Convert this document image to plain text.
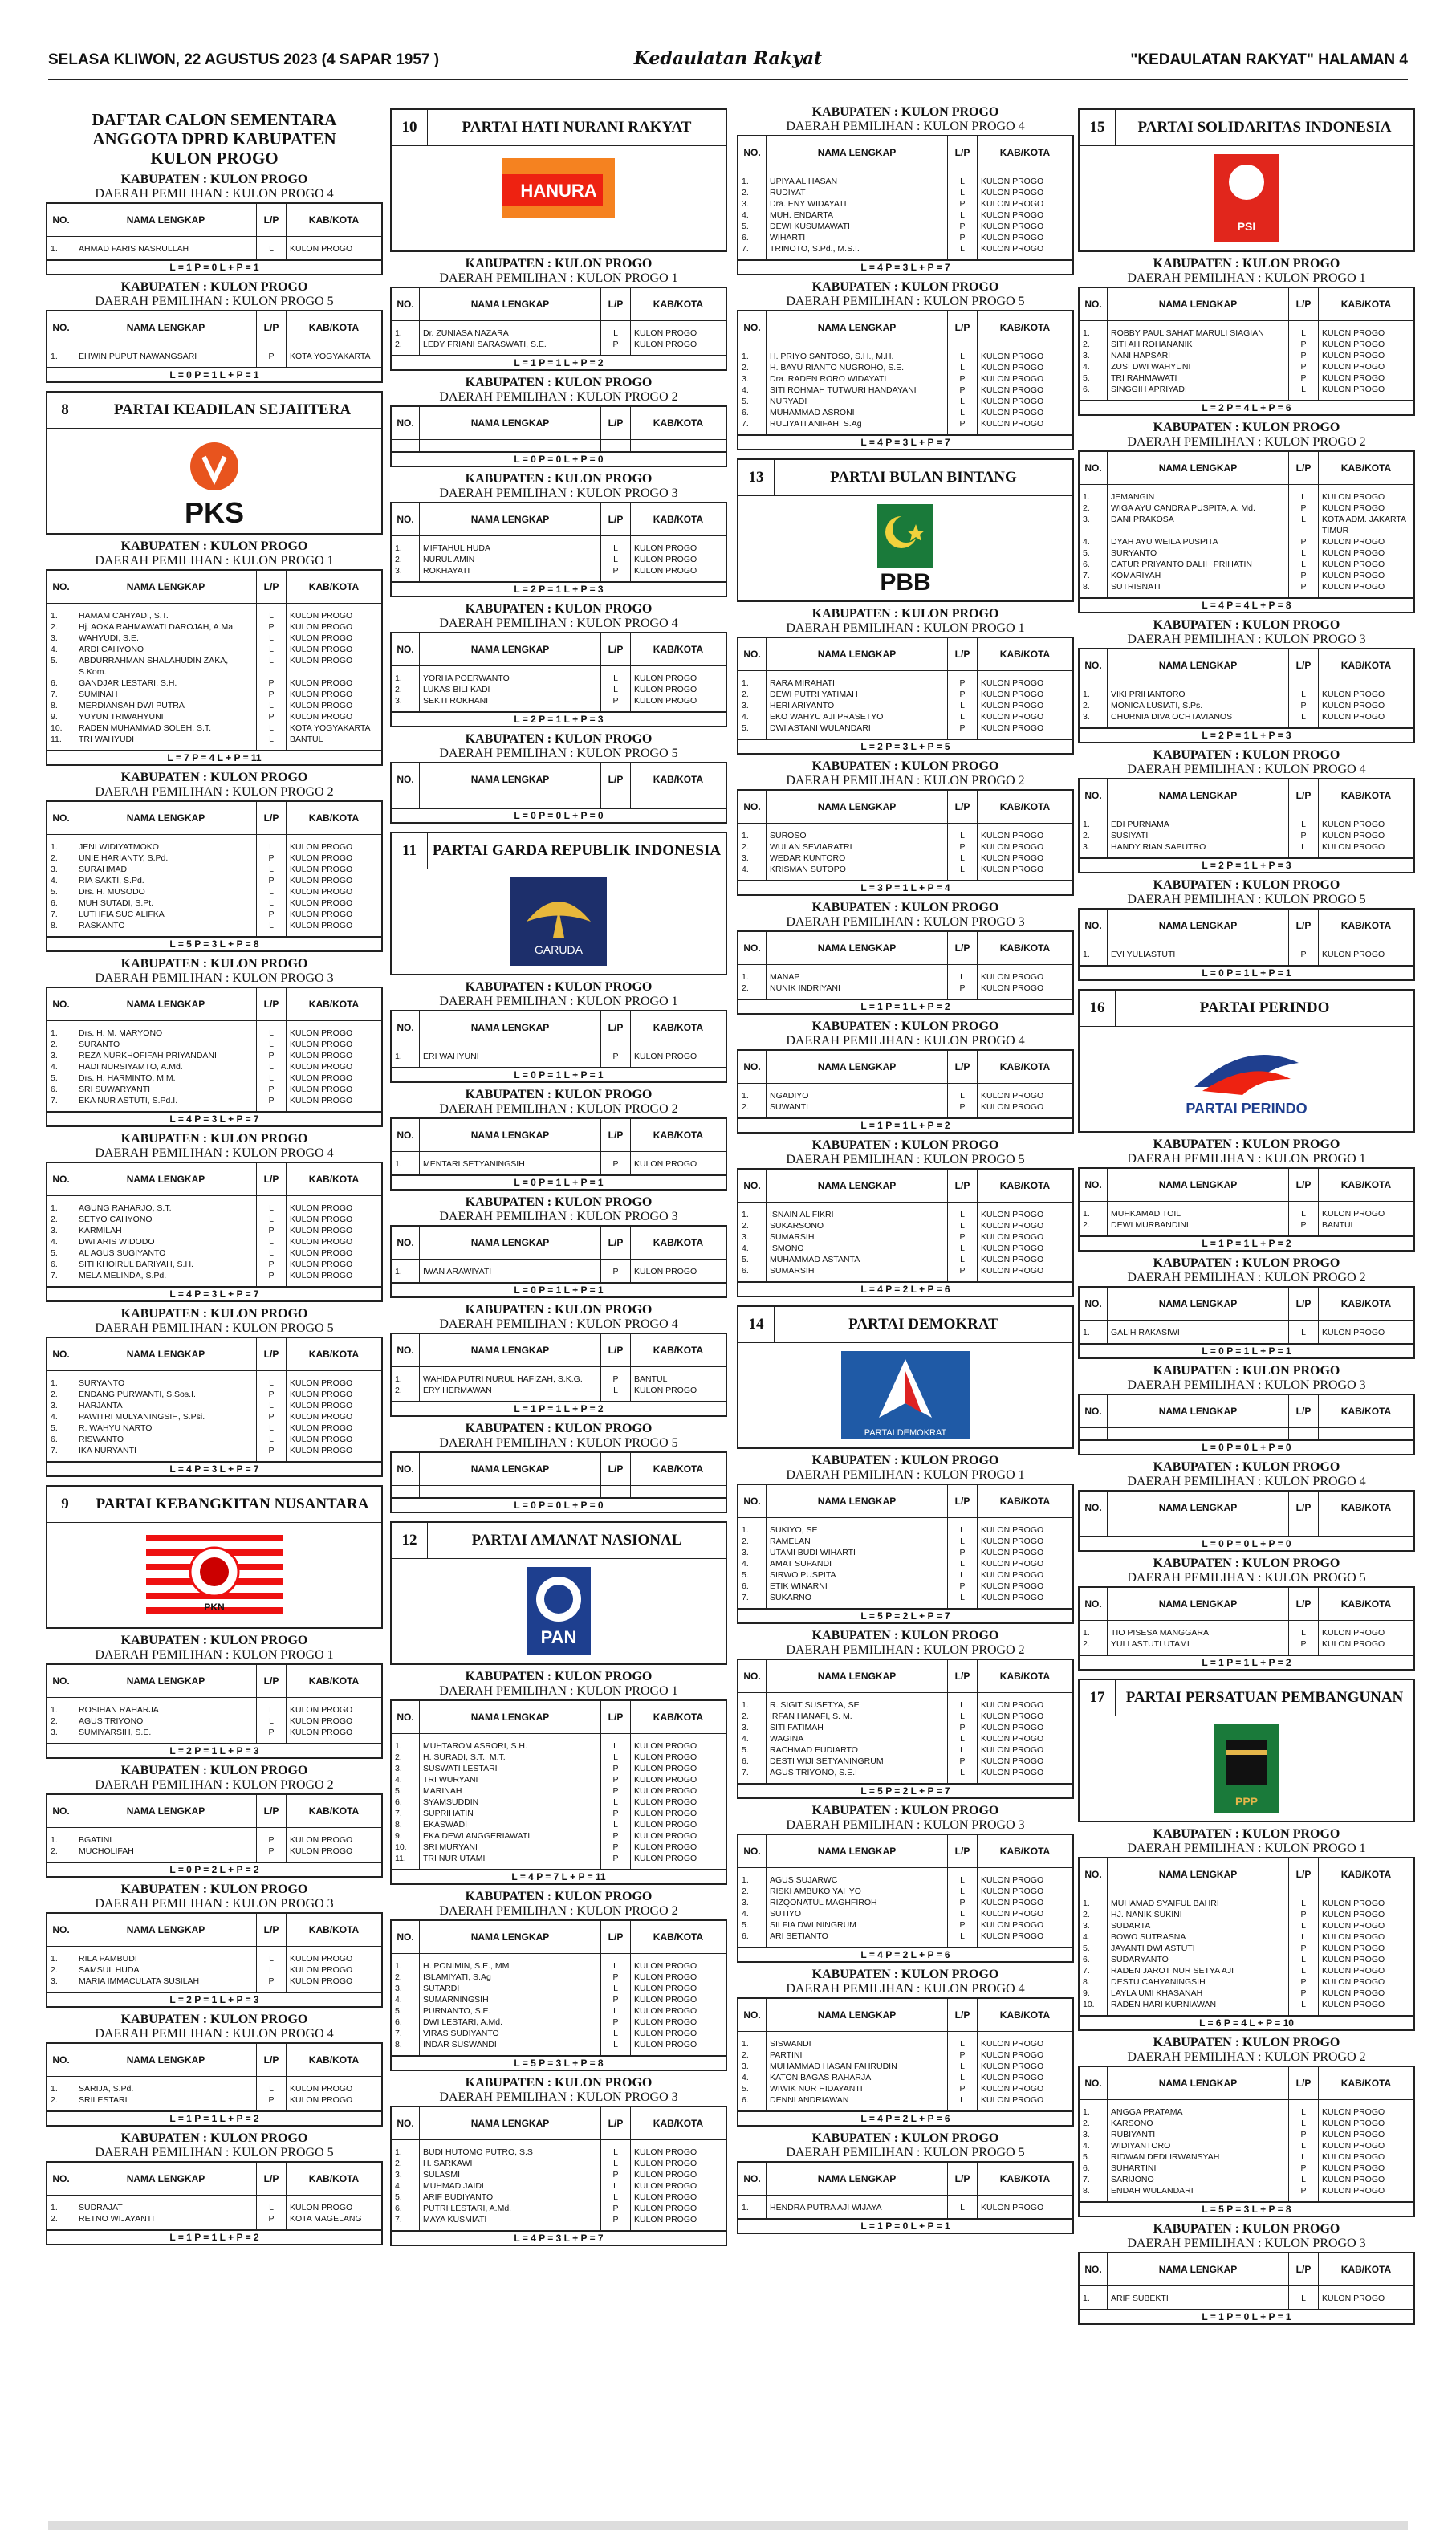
SELASA KLIWON, 22 AGUSTUS 2023 (4 SAPAR 1957 )	Kedaulatan Rakyat	"KEDAULATAN RAKYAT" HALAMAN 4
DAFTAR CALON SEMENTARA
ANGGOTA DPRD KABUPATEN
KULON PROGO
KABUPATEN : KULON PROGO
DAERAH PEMILIHAN : KULON PROGO 4
NO.	NAMA LENGKAP	L/P	KAB/KOTA
1.	AHMAD FARIS NASRULLAH	L	KULON PROGO
L = 1 P = 0 L + P = 1
KABUPATEN : KULON PROGO
DAERAH PEMILIHAN : KULON PROGO 5
NO.	NAMA LENGKAP	L/P	KAB/KOTA
1.	EHWIN PUPUT NAWANGSARI	P	KOTA YOGYAKARTA
L = 0 P = 1 L + P = 1
8	PARTAI KEADILAN SEJAHTERA
PKS
KABUPATEN : KULON PROGO
DAERAH PEMILIHAN : KULON PROGO 1
NO.	NAMA LENGKAP	L/P	KAB/KOTA
1.	HAMAM CAHYADI, S.T.	L	KULON PROGO
2.	Hj. AOKA RAHMAWATI DAROJAH, A.Ma.	P	KULON PROGO
3.	WAHYUDI, S.E.	L	KULON PROGO
4.	ARDI CAHYONO	L	KULON PROGO
5.	ABDURRAHMAN SHALAHUDIN ZAKA, S.Kom.	L	KULON PROGO
6.	GANDJAR LESTARI, S.H.	P	KULON PROGO
7.	SUMINAH	P	KULON PROGO
8.	MERDIANSAH DWI PUTRA	L	KULON PROGO
9.	YUYUN TRIWAHYUNI	P	KULON PROGO
10.	RADEN MUHAMMAD SOLEH, S.T.	L	KOTA YOGYAKARTA
11.	TRI WAHYUDI	L	BANTUL
L = 7 P = 4 L + P = 11
KABUPATEN : KULON PROGO
DAERAH PEMILIHAN : KULON PROGO 2
NO.	NAMA LENGKAP	L/P	KAB/KOTA
1.	JENI WIDIYATMOKO	L	KULON PROGO
2.	UNIE HARIANTY, S.Pd.	P	KULON PROGO
3.	SURAHMAD	L	KULON PROGO
4.	RIA SAKTI, S.Pd.	P	KULON PROGO
5.	Drs. H. MUSODO	L	KULON PROGO
6.	MUH SUTADI, S.Pt.	L	KULON PROGO
7.	LUTHFIA SUC ALIFKA	P	KULON PROGO
8.	RASKANTO	L	KULON PROGO
L = 5 P = 3 L + P = 8
KABUPATEN : KULON PROGO
DAERAH PEMILIHAN : KULON PROGO 3
NO.	NAMA LENGKAP	L/P	KAB/KOTA
1.	Drs. H. M. MARYONO	L	KULON PROGO
2.	SURANTO	L	KULON PROGO
3.	REZA NURKHOFIFAH PRIYANDANI	P	KULON PROGO
4.	HADI NURSIYAMTO, A.Md.	L	KULON PROGO
5.	Drs. H. HARMINTO, M.M.	L	KULON PROGO
6.	SRI SUWARYANTI	P	KULON PROGO
7.	EKA NUR ASTUTI, S.Pd.I.	P	KULON PROGO
L = 4 P = 3 L + P = 7
KABUPATEN : KULON PROGO
DAERAH PEMILIHAN : KULON PROGO 4
NO.	NAMA LENGKAP	L/P	KAB/KOTA
1.	AGUNG RAHARJO, S.T.	L	KULON PROGO
2.	SETYO CAHYONO	L	KULON PROGO
3.	KARMILAH	P	KULON PROGO
4.	DWI ARIS WIDODO	L	KULON PROGO
5.	AL AGUS SUGIYANTO	L	KULON PROGO
6.	SITI KHOIRUL BARIYAH, S.H.	P	KULON PROGO
7.	MELA MELINDA, S.Pd.	P	KULON PROGO
L = 4 P = 3 L + P = 7
KABUPATEN : KULON PROGO
DAERAH PEMILIHAN : KULON PROGO 5
NO.	NAMA LENGKAP	L/P	KAB/KOTA
1.	SURYANTO	L	KULON PROGO
2.	ENDANG PURWANTI, S.Sos.I.	P	KULON PROGO
3.	HARJANTA	L	KULON PROGO
4.	PAWITRI MULYANINGSIH, S.Psi.	P	KULON PROGO
5.	R. WAHYU NARTO	L	KULON PROGO
6.	RISWANTO	L	KULON PROGO
7.	IKA NURYANTI	P	KULON PROGO
L = 4 P = 3 L + P = 7
9	PARTAI KEBANGKITAN NUSANTARA
PKN
KABUPATEN : KULON PROGO
DAERAH PEMILIHAN : KULON PROGO 1
NO.	NAMA LENGKAP	L/P	KAB/KOTA
1.	ROSIHAN RAHARJA	L	KULON PROGO
2.	AGUS TRIYONO	L	KULON PROGO
3.	SUMIYARSIH, S.E.	P	KULON PROGO
L = 2 P = 1 L + P = 3
KABUPATEN : KULON PROGO
DAERAH PEMILIHAN : KULON PROGO 2
NO.	NAMA LENGKAP	L/P	KAB/KOTA
1.	BGATINI	P	KULON PROGO
2.	MUCHOLIFAH	P	KULON PROGO
L = 0 P = 2 L + P = 2
KABUPATEN : KULON PROGO
DAERAH PEMILIHAN : KULON PROGO 3
NO.	NAMA LENGKAP	L/P	KAB/KOTA
1.	RILA PAMBUDI	L	KULON PROGO
2.	SAMSUL HUDA	L	KULON PROGO
3.	MARIA IMMACULATA SUSILAH	P	KULON PROGO
L = 2 P = 1 L + P = 3
KABUPATEN : KULON PROGO
DAERAH PEMILIHAN : KULON PROGO 4
NO.	NAMA LENGKAP	L/P	KAB/KOTA
1.	SARIJA, S.Pd.	L	KULON PROGO
2.	SRILESTARI	P	KULON PROGO
L = 1 P = 1 L + P = 2
KABUPATEN : KULON PROGO
DAERAH PEMILIHAN : KULON PROGO 5
NO.	NAMA LENGKAP	L/P	KAB/KOTA
1.	SUDRAJAT	L	KULON PROGO
2.	RETNO WIJAYANTI	P	KOTA MAGELANG
L = 1 P = 1 L + P = 2
10	PARTAI HATI NURANI RAKYAT
HANURA
KABUPATEN : KULON PROGO
DAERAH PEMILIHAN : KULON PROGO 1
NO.	NAMA LENGKAP	L/P	KAB/KOTA
1.	Dr. ZUNIASA NAZARA	L	KULON PROGO
2.	LEDY FRIANI SARASWATI, S.E.	P	KULON PROGO
L = 1 P = 1 L + P = 2
KABUPATEN : KULON PROGO
DAERAH PEMILIHAN : KULON PROGO 2
NO.	NAMA LENGKAP	L/P	KAB/KOTA

L = 0 P = 0 L + P = 0
KABUPATEN : KULON PROGO
DAERAH PEMILIHAN : KULON PROGO 3
NO.	NAMA LENGKAP	L/P	KAB/KOTA
1.	MIFTAHUL HUDA	L	KULON PROGO
2.	NURUL AMIN	L	KULON PROGO
3.	ROKHAYATI	P	KULON PROGO
L = 2 P = 1 L + P = 3
KABUPATEN : KULON PROGO
DAERAH PEMILIHAN : KULON PROGO 4
NO.	NAMA LENGKAP	L/P	KAB/KOTA
1.	YORHA POERWANTO	L	KULON PROGO
2.	LUKAS BILI KADI	L	KULON PROGO
3.	SEKTI ROKHANI	P	KULON PROGO
L = 2 P = 1 L + P = 3
KABUPATEN : KULON PROGO
DAERAH PEMILIHAN : KULON PROGO 5
NO.	NAMA LENGKAP	L/P	KAB/KOTA

L = 0 P = 0 L + P = 0
11	PARTAI GARDA REPUBLIK INDONESIA
GARUDA
KABUPATEN : KULON PROGO
DAERAH PEMILIHAN : KULON PROGO 1
NO.	NAMA LENGKAP	L/P	KAB/KOTA
1.	ERI WAHYUNI	P	KULON PROGO
L = 0 P = 1 L + P = 1
KABUPATEN : KULON PROGO
DAERAH PEMILIHAN : KULON PROGO 2
NO.	NAMA LENGKAP	L/P	KAB/KOTA
1.	MENTARI SETYANINGSIH	P	KULON PROGO
L = 0 P = 1 L + P = 1
KABUPATEN : KULON PROGO
DAERAH PEMILIHAN : KULON PROGO 3
NO.	NAMA LENGKAP	L/P	KAB/KOTA
1.	IWAN ARAWIYATI	P	KULON PROGO
L = 0 P = 1 L + P = 1
KABUPATEN : KULON PROGO
DAERAH PEMILIHAN : KULON PROGO 4
NO.	NAMA LENGKAP	L/P	KAB/KOTA
1.	WAHIDA PUTRI NURUL HAFIZAH, S.K.G.	P	BANTUL
2.	ERY HERMAWAN	L	KULON PROGO
L = 1 P = 1 L + P = 2
KABUPATEN : KULON PROGO
DAERAH PEMILIHAN : KULON PROGO 5
NO.	NAMA LENGKAP	L/P	KAB/KOTA

L = 0 P = 0 L + P = 0
12	PARTAI AMANAT NASIONAL
PAN
KABUPATEN : KULON PROGO
DAERAH PEMILIHAN : KULON PROGO 1
NO.	NAMA LENGKAP	L/P	KAB/KOTA
1.	MUHTAROM ASRORI, S.H.	L	KULON PROGO
2.	H. SURADI, S.T., M.T.	L	KULON PROGO
3.	SUSWATI LESTARI	P	KULON PROGO
4.	TRI WURYANI	P	KULON PROGO
5.	MARINAH	P	KULON PROGO
6.	SYAMSUDDIN	L	KULON PROGO
7.	SUPRIHATIN	P	KULON PROGO
8.	EKASWADI	L	KULON PROGO
9.	EKA DEWI ANGGERIAWATI	P	KULON PROGO
10.	SRI MURYANI	P	KULON PROGO
11.	TRI NUR UTAMI	P	KULON PROGO
L = 4 P = 7 L + P = 11
KABUPATEN : KULON PROGO
DAERAH PEMILIHAN : KULON PROGO 2
NO.	NAMA LENGKAP	L/P	KAB/KOTA
1.	H. PONIMIN, S.E., MM	L	KULON PROGO
2.	ISLAMIYATI, S.Ag	P	KULON PROGO
3.	SUTARDI	L	KULON PROGO
4.	SUMARNINGSIH	P	KULON PROGO
5.	PURNANTO, S.E.	L	KULON PROGO
6.	DWI LESTARI, A.Md.	P	KULON PROGO
7.	VIRAS SUDIYANTO	L	KULON PROGO
8.	INDAR SUSWANDI	L	KULON PROGO
L = 5 P = 3 L + P = 8
KABUPATEN : KULON PROGO
DAERAH PEMILIHAN : KULON PROGO 3
NO.	NAMA LENGKAP	L/P	KAB/KOTA
1.	BUDI HUTOMO PUTRO, S.S	L	KULON PROGO
2.	H. SARKAWI	L	KULON PROGO
3.	SULASMI	P	KULON PROGO
4.	MUHMAD JAIDI	L	KULON PROGO
5.	ARIF BUDIYANTO	L	KULON PROGO
6.	PUTRI LESTARI, A.Md.	P	KULON PROGO
7.	MAYA KUSMIATI	P	KULON PROGO
L = 4 P = 3 L + P = 7
KABUPATEN : KULON PROGO
DAERAH PEMILIHAN : KULON PROGO 4
NO.	NAMA LENGKAP	L/P	KAB/KOTA
1.	UPIYA AL HASAN	L	KULON PROGO
2.	RUDIYAT	L	KULON PROGO
3.	Dra. ENY WIDAYATI	P	KULON PROGO
4.	MUH. ENDARTA	L	KULON PROGO
5.	DEWI KUSUMAWATI	P	KULON PROGO
6.	WIHARTI	P	KULON PROGO
7.	TRINOTO, S.Pd., M.S.I.	L	KULON PROGO
L = 4 P = 3 L + P = 7
KABUPATEN : KULON PROGO
DAERAH PEMILIHAN : KULON PROGO 5
NO.	NAMA LENGKAP	L/P	KAB/KOTA
1.	H. PRIYO SANTOSO, S.H., M.H.	L	KULON PROGO
2.	H. BAYU RIANTO NUGROHO, S.E.	L	KULON PROGO
3.	Dra. RADEN RORO WIDAYATI	P	KULON PROGO
4.	SITI ROHMAH TUTWURI HANDAYANI	P	KULON PROGO
5.	NURYADI	L	KULON PROGO
6.	MUHAMMAD ASRONI	L	KULON PROGO
7.	RULIYATI ANIFAH, S.Ag	P	KULON PROGO
L = 4 P = 3 L + P = 7
13	PARTAI BULAN BINTANG
PBB
KABUPATEN : KULON PROGO
DAERAH PEMILIHAN : KULON PROGO 1
NO.	NAMA LENGKAP	L/P	KAB/KOTA
1.	RARA MIRAHATI	P	KULON PROGO
2.	DEWI PUTRI YATIMAH	P	KULON PROGO
3.	HERI ARIYANTO	L	KULON PROGO
4.	EKO WAHYU AJI PRASETYO	L	KULON PROGO
5.	DWI ASTANI WULANDARI	P	KULON PROGO
L = 2 P = 3 L + P = 5
KABUPATEN : KULON PROGO
DAERAH PEMILIHAN : KULON PROGO 2
NO.	NAMA LENGKAP	L/P	KAB/KOTA
1.	SUROSO	L	KULON PROGO
2.	WULAN SEVIARATRI	P	KULON PROGO
3.	WEDAR KUNTORO	L	KULON PROGO
4.	KRISMAN SUTOPO	L	KULON PROGO
L = 3 P = 1 L + P = 4
KABUPATEN : KULON PROGO
DAERAH PEMILIHAN : KULON PROGO 3
NO.	NAMA LENGKAP	L/P	KAB/KOTA
1.	MANAP	L	KULON PROGO
2.	NUNIK INDRIYANI	P	KULON PROGO
L = 1 P = 1 L + P = 2
KABUPATEN : KULON PROGO
DAERAH PEMILIHAN : KULON PROGO 4
NO.	NAMA LENGKAP	L/P	KAB/KOTA
1.	NGADIYO	L	KULON PROGO
2.	SUWANTI	P	KULON PROGO
L = 1 P = 1 L + P = 2
KABUPATEN : KULON PROGO
DAERAH PEMILIHAN : KULON PROGO 5
NO.	NAMA LENGKAP	L/P	KAB/KOTA
1.	ISNAIN AL FIKRI	L	KULON PROGO
2.	SUKARSONO	L	KULON PROGO
3.	SUMARSIH	P	KULON PROGO
4.	ISMONO	L	KULON PROGO
5.	MUHAMMAD ASTANTA	L	KULON PROGO
6.	SUMARSIH	P	KULON PROGO
L = 4 P = 2 L + P = 6
14	PARTAI DEMOKRAT
PARTAI DEMOKRAT
KABUPATEN : KULON PROGO
DAERAH PEMILIHAN : KULON PROGO 1
NO.	NAMA LENGKAP	L/P	KAB/KOTA
1.	SUKIYO, SE	L	KULON PROGO
2.	RAMELAN	L	KULON PROGO
3.	UTAMI BUDI WIHARTI	P	KULON PROGO
4.	AMAT SUPANDI	L	KULON PROGO
5.	SIRWO PUSPITA	L	KULON PROGO
6.	ETIK WINARNI	P	KULON PROGO
7.	SUKARNO	L	KULON PROGO
L = 5 P = 2 L + P = 7
KABUPATEN : KULON PROGO
DAERAH PEMILIHAN : KULON PROGO 2
NO.	NAMA LENGKAP	L/P	KAB/KOTA
1.	R. SIGIT SUSETYA, SE	L	KULON PROGO
2.	IRFAN HANAFI, S. M.	L	KULON PROGO
3.	SITI FATIMAH	P	KULON PROGO
4.	WAGINA	L	KULON PROGO
5.	RACHMAD EUDIARTO	L	KULON PROGO
6.	DESTI WIJI SETYANINGRUM	P	KULON PROGO
7.	AGUS TRIYONO, S.E.I	L	KULON PROGO
L = 5 P = 2 L + P = 7
KABUPATEN : KULON PROGO
DAERAH PEMILIHAN : KULON PROGO 3
NO.	NAMA LENGKAP	L/P	KAB/KOTA
1.	AGUS SUJARWC	L	KULON PROGO
2.	RISKI AMBUKO YAHYO	L	KULON PROGO
3.	RIZQONATUL MAGHFIROH	P	KULON PROGO
4.	SUTIYO	L	KULON PROGO
5.	SILFIA DWI NINGRUM	P	KULON PROGO
6.	ARI SETIANTO	L	KULON PROGO
L = 4 P = 2 L + P = 6
KABUPATEN : KULON PROGO
DAERAH PEMILIHAN : KULON PROGO 4
NO.	NAMA LENGKAP	L/P	KAB/KOTA
1.	SISWANDI	L	KULON PROGO
2.	PARTINI	P	KULON PROGO
3.	MUHAMMAD HASAN FAHRUDIN	L	KULON PROGO
4.	KATON BAGAS RAHARJA	L	KULON PROGO
5.	WIWIK NUR HIDAYANTI	P	KULON PROGO
6.	DENNI ANDRIAWAN	L	KULON PROGO
L = 4 P = 2 L + P = 6
KABUPATEN : KULON PROGO
DAERAH PEMILIHAN : KULON PROGO 5
NO.	NAMA LENGKAP	L/P	KAB/KOTA
1.	HENDRA PUTRA AJI WIJAYA	L	KULON PROGO
L = 1 P = 0 L + P = 1
15	PARTAI SOLIDARITAS INDONESIA
PSI
KABUPATEN : KULON PROGO
DAERAH PEMILIHAN : KULON PROGO 1
NO.	NAMA LENGKAP	L/P	KAB/KOTA
1.	ROBBY PAUL SAHAT MARULI SIAGIAN	L	KULON PROGO
2.	SITI AH ROHANANIK	P	KULON PROGO
3.	NANI HAPSARI	P	KULON PROGO
4.	ZUSI DWI WAHYUNI	P	KULON PROGO
5.	TRI RAHMAWATI	P	KULON PROGO
6.	SINGGIH APRIYADI	L	KULON PROGO
L = 2 P = 4 L + P = 6
KABUPATEN : KULON PROGO
DAERAH PEMILIHAN : KULON PROGO 2
NO.	NAMA LENGKAP	L/P	KAB/KOTA
1.	JEMANGIN	L	KULON PROGO
2.	WIGA AYU CANDRA PUSPITA, A. Md.	P	KULON PROGO
3.	DANI PRAKOSA	L	KOTA ADM. JAKARTA TIMUR
4.	DYAH AYU WEILA PUSPITA	P	KULON PROGO
5.	SURYANTO	L	KULON PROGO
6.	CATUR PRIYANTO DALIH PRIHATIN	L	KULON PROGO
7.	KOMARIYAH	P	KULON PROGO
8.	SUTRISNATI	P	KULON PROGO
L = 4 P = 4 L + P = 8
KABUPATEN : KULON PROGO
DAERAH PEMILIHAN : KULON PROGO 3
NO.	NAMA LENGKAP	L/P	KAB/KOTA
1.	VIKI PRIHANTORO	L	KULON PROGO
2.	MONICA LUSIATI, S.Ps.	P	KULON PROGO
3.	CHURNIA DIVA OCHTAVIANOS	L	KULON PROGO
L = 2 P = 1 L + P = 3
KABUPATEN : KULON PROGO
DAERAH PEMILIHAN : KULON PROGO 4
NO.	NAMA LENGKAP	L/P	KAB/KOTA
1.	EDI PURNAMA	L	KULON PROGO
2.	SUSIYATI	P	KULON PROGO
3.	HANDY RIAN SAPUTRO	L	KULON PROGO
L = 2 P = 1 L + P = 3
KABUPATEN : KULON PROGO
DAERAH PEMILIHAN : KULON PROGO 5
NO.	NAMA LENGKAP	L/P	KAB/KOTA
1.	EVI YULIASTUTI	P	KULON PROGO
L = 0 P = 1 L + P = 1
16	PARTAI PERINDO
PARTAI PERINDO
KABUPATEN : KULON PROGO
DAERAH PEMILIHAN : KULON PROGO 1
NO.	NAMA LENGKAP	L/P	KAB/KOTA
1.	MUHKAMAD TOIL	L	KULON PROGO
2.	DEWI MURBANDINI	P	BANTUL
L = 1 P = 1 L + P = 2
KABUPATEN : KULON PROGO
DAERAH PEMILIHAN : KULON PROGO 2
NO.	NAMA LENGKAP	L/P	KAB/KOTA
1.	GALIH RAKASIWI	L	KULON PROGO
L = 0 P = 1 L + P = 1
KABUPATEN : KULON PROGO
DAERAH PEMILIHAN : KULON PROGO 3
NO.	NAMA LENGKAP	L/P	KAB/KOTA

L = 0 P = 0 L + P = 0
KABUPATEN : KULON PROGO
DAERAH PEMILIHAN : KULON PROGO 4
NO.	NAMA LENGKAP	L/P	KAB/KOTA

L = 0 P = 0 L + P = 0
KABUPATEN : KULON PROGO
DAERAH PEMILIHAN : KULON PROGO 5
NO.	NAMA LENGKAP	L/P	KAB/KOTA
1.	TIO PISESA MANGGARA	L	KULON PROGO
2.	YULI ASTUTI UTAMI	P	KULON PROGO
L = 1 P = 1 L + P = 2
17	PARTAI PERSATUAN PEMBANGUNAN
PPP
KABUPATEN : KULON PROGO
DAERAH PEMILIHAN : KULON PROGO 1
NO.	NAMA LENGKAP	L/P	KAB/KOTA
1.	MUHAMAD SYAIFUL BAHRI	L	KULON PROGO
2.	HJ. NANIK SUKINI	P	KULON PROGO
3.	SUDARTA	L	KULON PROGO
4.	BOWO SUTRASNA	L	KULON PROGO
5.	JAYANTI DWI ASTUTI	P	KULON PROGO
6.	SUDARYANTO	L	KULON PROGO
7.	RADEN JAROT NUR SETYA AJI	L	KULON PROGO
8.	DESTU CAHYANINGSIH	P	KULON PROGO
9.	LAYLA UMI KHASANAH	P	KULON PROGO
10.	RADEN HARI KURNIAWAN	L	KULON PROGO
L = 6 P = 4 L + P = 10
KABUPATEN : KULON PROGO
DAERAH PEMILIHAN : KULON PROGO 2
NO.	NAMA LENGKAP	L/P	KAB/KOTA
1.	ANGGA PRATAMA	L	KULON PROGO
2.	KARSONO	L	KULON PROGO
3.	RUBIYANTI	P	KULON PROGO
4.	WIDIYANTORO	L	KULON PROGO
5.	RIDWAN DEDI IRWANSYAH	L	KULON PROGO
6.	SUHARTINI	P	KULON PROGO
7.	SARIJONO	L	KULON PROGO
8.	ENDAH WULANDARI	P	KULON PROGO
L = 5 P = 3 L + P = 8
KABUPATEN : KULON PROGO
DAERAH PEMILIHAN : KULON PROGO 3
NO.	NAMA LENGKAP	L/P	KAB/KOTA
1.	ARIF SUBEKTI	L	KULON PROGO
L = 1 P = 0 L + P = 1
